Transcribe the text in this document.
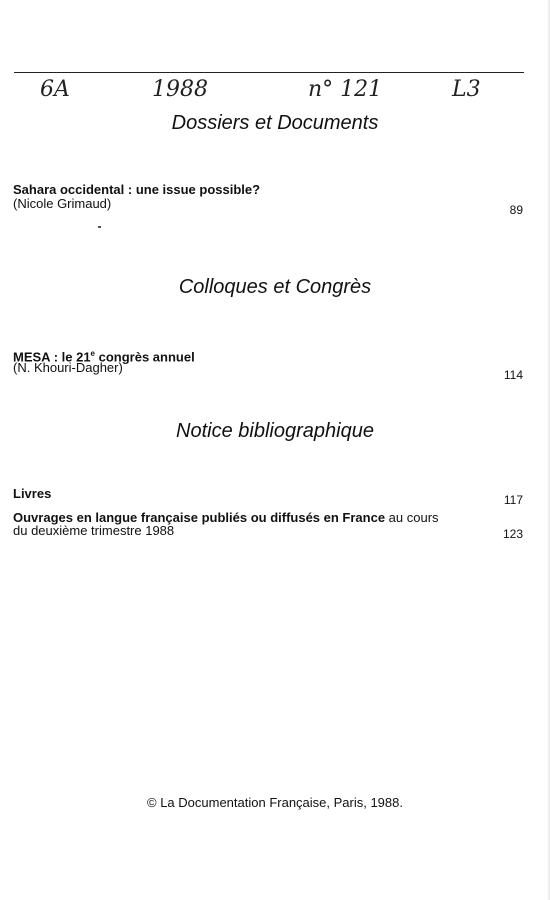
6A	1988	n° 121	L3
Dossiers et Documents
Sahara occidental : une issue possible?
(Nicole Grimaud)	89
Colloques et Congrès
MESA : le 21e congrès annuel
(N. Khouri-Dagher)	114
Notice bibliographique
Livres	117
Ouvrages en langue française publiés ou diffusés en France au cours
du deuxième trimestre 1988	123
© La Documentation Française, Paris, 1988.
